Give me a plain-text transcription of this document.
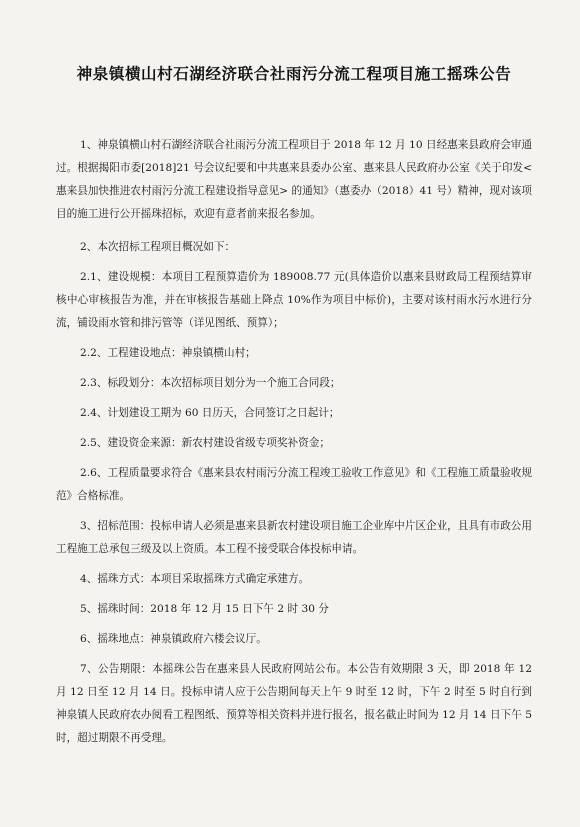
神泉镇横山村石湖经济联合社雨污分流工程项目施工摇珠公告

1、神泉镇横山村石湖经济联合社雨污分流工程项目于 2018 年 12 月 10 日经惠来县政府会审通过。根据揭阳市委[2018]21 号会议纪要和中共惠来县委办公室、惠来县人民政府办公室《关于印发<惠来县加快推进农村雨污分流工程建设指导意见> 的通知》（惠委办（2018）41 号）精神，现对该项目的施工进行公开摇珠招标，欢迎有意者前来报名参加。

2、本次招标工程项目概况如下：

2.1、建设规模：本项目工程预算造价为 189008.77 元(具体造价以惠来县财政局工程预结算审核中心审核报告为准，并在审核报告基础上降点 10%作为项目中标价)，主要对该村雨水污水进行分流，铺设雨水管和排污管等（详见图纸、预算）；

2.2、工程建设地点：神泉镇横山村；

2.3、标段划分：本次招标项目划分为一个施工合同段；

2.4、计划建设工期为 60 日历天，合同签订之日起计；

2.5、建设资金来源：新农村建设省级专项奖补资金；

2.6、工程质量要求符合《惠来县农村雨污分流工程竣工验收工作意见》和《工程施工质量验收规范》合格标准。

3、招标范围：投标申请人必须是惠来县新农村建设项目施工企业库中片区企业，且具有市政公用工程施工总承包三级及以上资质。本工程不接受联合体投标申请。

4、摇珠方式：本项目采取摇珠方式确定承建方。

5、摇珠时间：2018 年 12 月 15 日下午 2 时 30 分

6、摇珠地点：神泉镇政府六楼会议厅。

7、公告期限：本摇珠公告在惠来县人民政府网站公布。本公告有效期限 3 天，即 2018 年 12 月 12 日至 12 月 14 日。投标申请人应于公告期间每天上午 9 时至 12 时，下午 2 时至 5 时自行到神泉镇人民政府农办阅看工程图纸、预算等相关资料并进行报名，报名截止时间为 12 月 14 日下午 5 时，超过期限不再受理。
